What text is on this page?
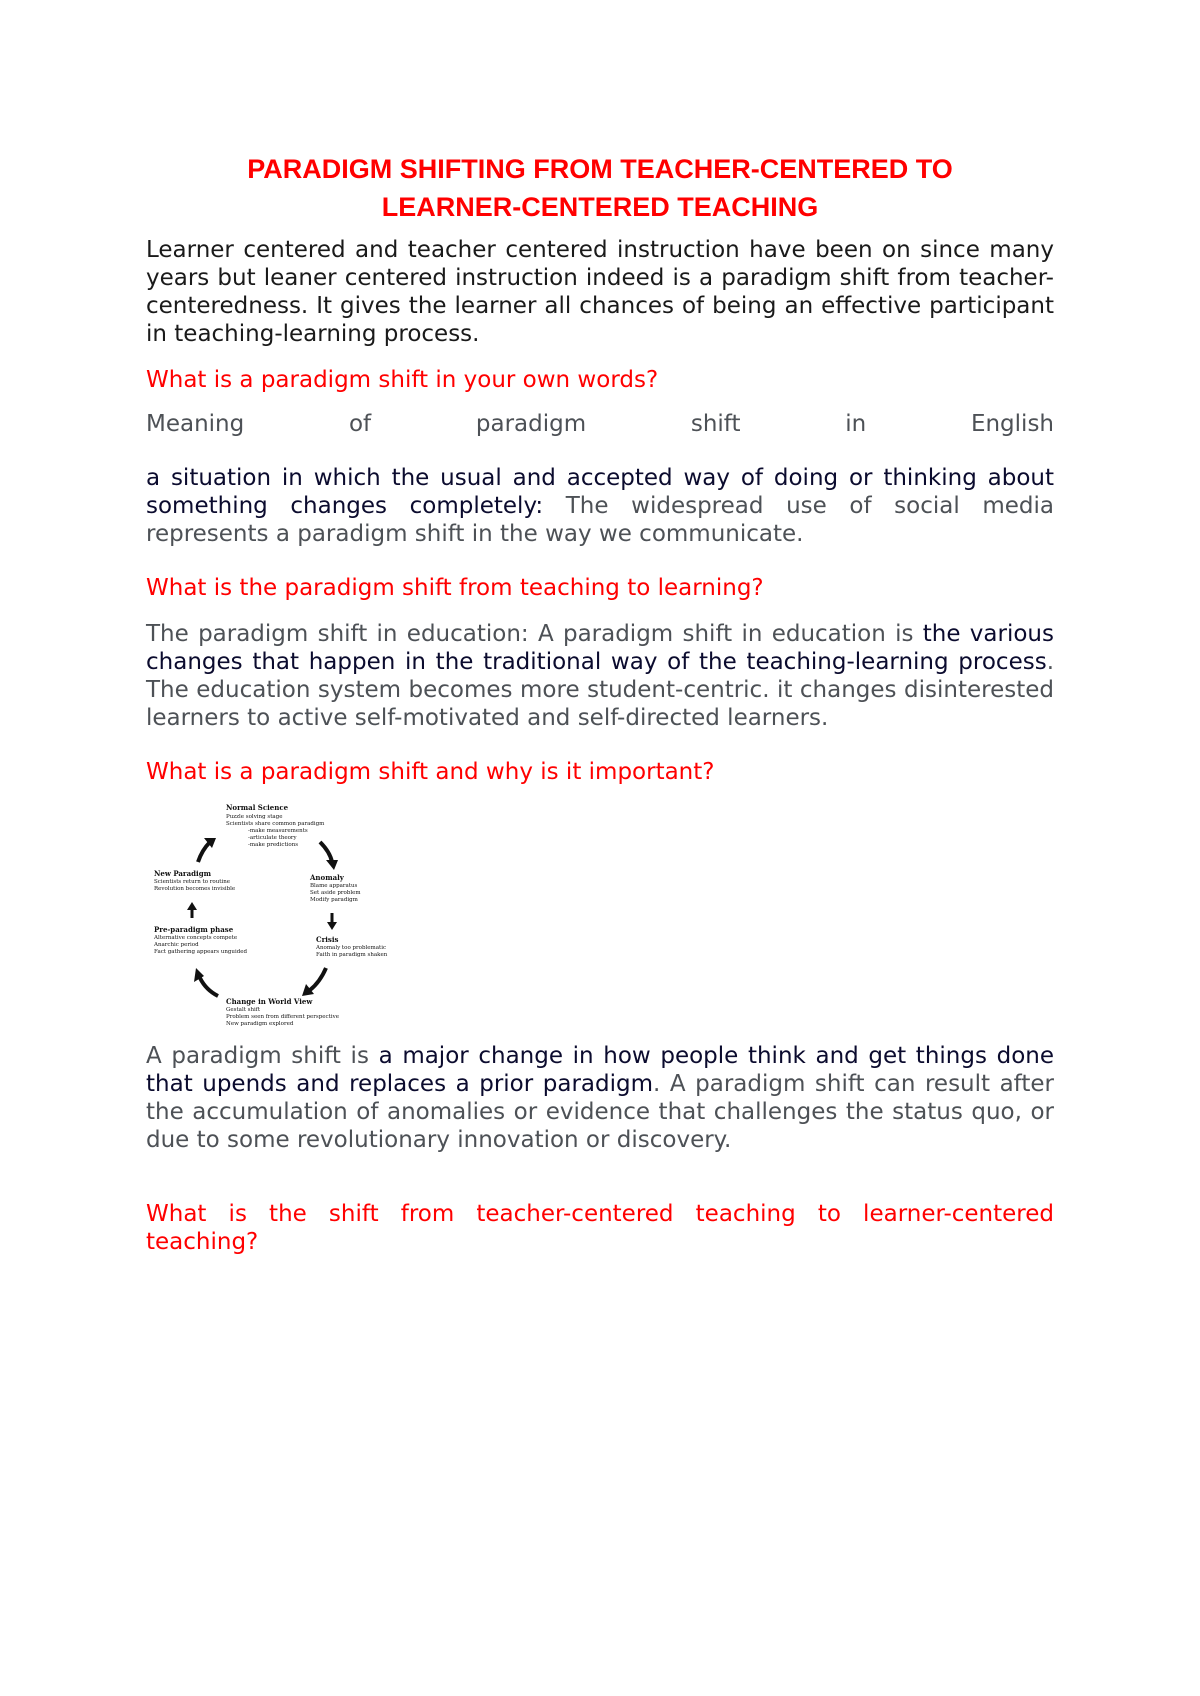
PARADIGM SHIFTING FROM TEACHER-CENTERED TO
LEARNER-CENTERED TEACHING

Learner centered and teacher centered instruction have been on since many years but leaner centered instruction indeed is a paradigm shift from teacher- centeredness. It gives the learner all chances of being an effective participant in teaching-learning process.

What is a paradigm shift in your own words?

Meaning of paradigm shift in English

a situation in which the usual and accepted way of doing or thinking about something changes completely: The widespread use of social media represents a paradigm shift in the way we communicate.

What is the paradigm shift from teaching to learning?

The paradigm shift in education: A paradigm shift in education is the various changes that happen in the traditional way of the teaching-learning process. The education system becomes more student-centric. it changes disinterested learners to active self-motivated and self-directed learners.

What is a paradigm shift and why is it important?

Normal Science
Puzzle solving stage
Scientists share common paradigm
-make measurements
-articulate theory
-make predictions
Anomaly
Blame apparatus
Set aside problem
Modify paradigm
Crisis
Anomaly too problematic
Faith in paradigm shaken
Change in World View
Gestalt shift
Problem seen from different perspective
New paradigm explored
Pre-paradigm phase
Alternative concepts compete
Anarchic period
Fact gathering appears unguided
New Paradigm
Scientists return to routine
Revolution becomes invisible

A paradigm shift is a major change in how people think and get things done that upends and replaces a prior paradigm. A paradigm shift can result after the accumulation of anomalies or evidence that challenges the status quo, or due to some revolutionary innovation or discovery.

What is the shift from teacher-centered teaching to learner-centered teaching?
